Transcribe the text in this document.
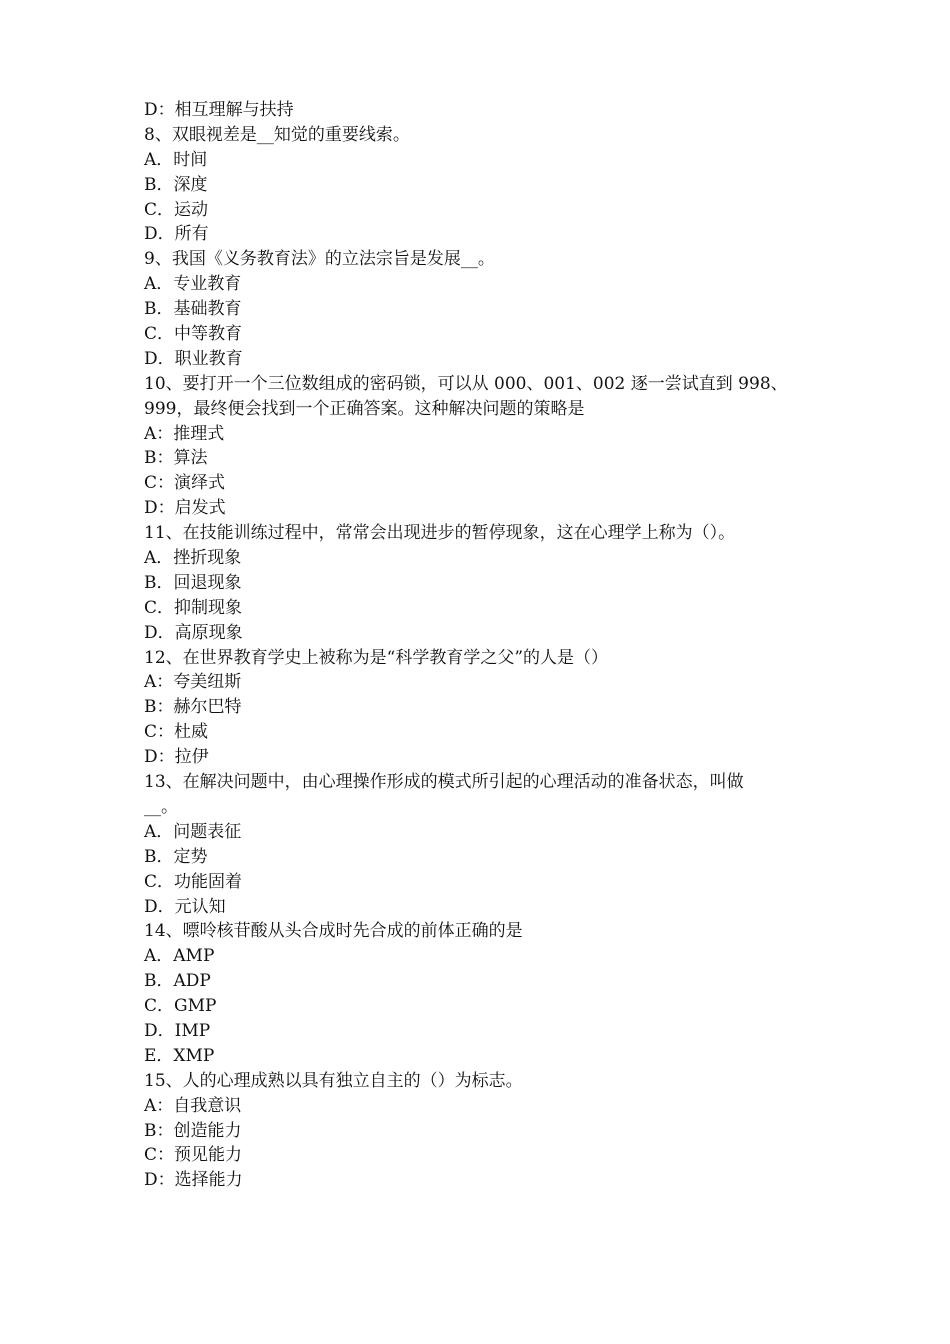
D：相互理解与扶持
8、双眼视差是__知觉的重要线索。
A．时间
B．深度
C．运动
D．所有
9、我国《义务教育法》的立法宗旨是发展__。
A．专业教育
B．基础教育
C．中等教育
D．职业教育
10、要打开一个三位数组成的密码锁，可以从 000、001、002 逐一尝试直到 998、
999，最终便会找到一个正确答案。这种解决问题的策略是
A：推理式
B：算法
C：演绎式
D：启发式
11、在技能训练过程中，常常会出现进步的暂停现象，这在心理学上称为（）。
A．挫折现象
B．回退现象
C．抑制现象
D．高原现象
12、在世界教育学史上被称为是“科学教育学之父”的人是（）
A：夸美纽斯
B：赫尔巴特
C：杜威
D：拉伊
13、在解决问题中，由心理操作形成的模式所引起的心理活动的准备状态，叫做
__。
A．问题表征
B．定势
C．功能固着
D．元认知
14、嘌呤核苷酸从头合成时先合成的前体正确的是
A．AMP
B．ADP
C．GMP
D．IMP
E．XMP
15、人的心理成熟以具有独立自主的（）为标志。
A：自我意识
B：创造能力
C：预见能力
D：选择能力
